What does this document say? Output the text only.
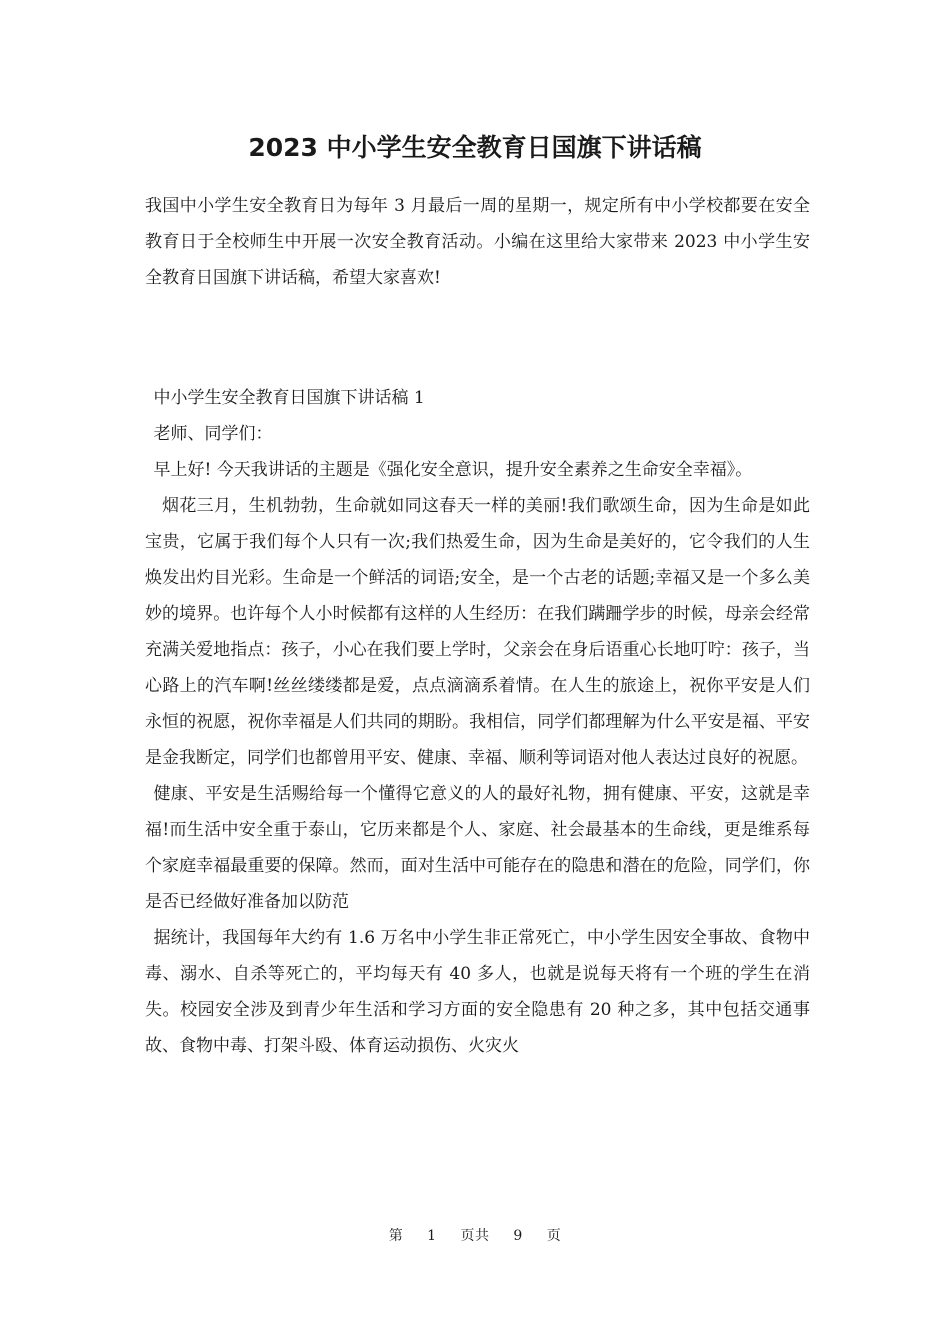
2023 中小学生安全教育日国旗下讲话稿

我国中小学生安全教育日为每年 3 月最后一周的星期一，规定所有中小学校都要在安全教育日于全校师生中开展一次安全教育活动。小编在这里给大家带来 2023 中小学生安全教育日国旗下讲话稿，希望大家喜欢!

中小学生安全教育日国旗下讲话稿 1

老师、同学们：

早上好! 今天我讲话的主题是《强化安全意识，提升安全素养之生命安全幸福》。

烟花三月，生机勃勃，生命就如同这春天一样的美丽!我们歌颂生命，因为生命是如此宝贵，它属于我们每个人只有一次;我们热爱生命，因为生命是美好的，它令我们的人生焕发出灼目光彩。生命是一个鲜活的词语;安全，是一个古老的话题;幸福又是一个多么美妙的境界。也许每个人小时候都有这样的人生经历：在我们蹒跚学步的时候，母亲会经常充满关爱地指点：孩子，小心在我们要上学时，父亲会在身后语重心长地叮咛：孩子，当心路上的汽车啊!丝丝缕缕都是爱，点点滴滴系着情。在人生的旅途上，祝你平安是人们永恒的祝愿，祝你幸福是人们共同的期盼。我相信，同学们都理解为什么平安是福、平安是金我断定，同学们也都曾用平安、健康、幸福、顺利等词语对他人表达过良好的祝愿。

健康、平安是生活赐给每一个懂得它意义的人的最好礼物，拥有健康、平安，这就是幸福!而生活中安全重于泰山，它历来都是个人、家庭、社会最基本的生命线，更是维系每个家庭幸福最重要的保障。然而，面对生活中可能存在的隐患和潜在的危险，同学们，你是否已经做好准备加以防范

据统计，我国每年大约有 1.6 万名中小学生非正常死亡，中小学生因安全事故、食物中毒、溺水、自杀等死亡的，平均每天有 40 多人，也就是说每天将有一个班的学生在消失。校园安全涉及到青少年生活和学习方面的安全隐患有 20 种之多，其中包括交通事故、食物中毒、打架斗殴、体育运动损伤、火灾火

第 1 页共 9 页
